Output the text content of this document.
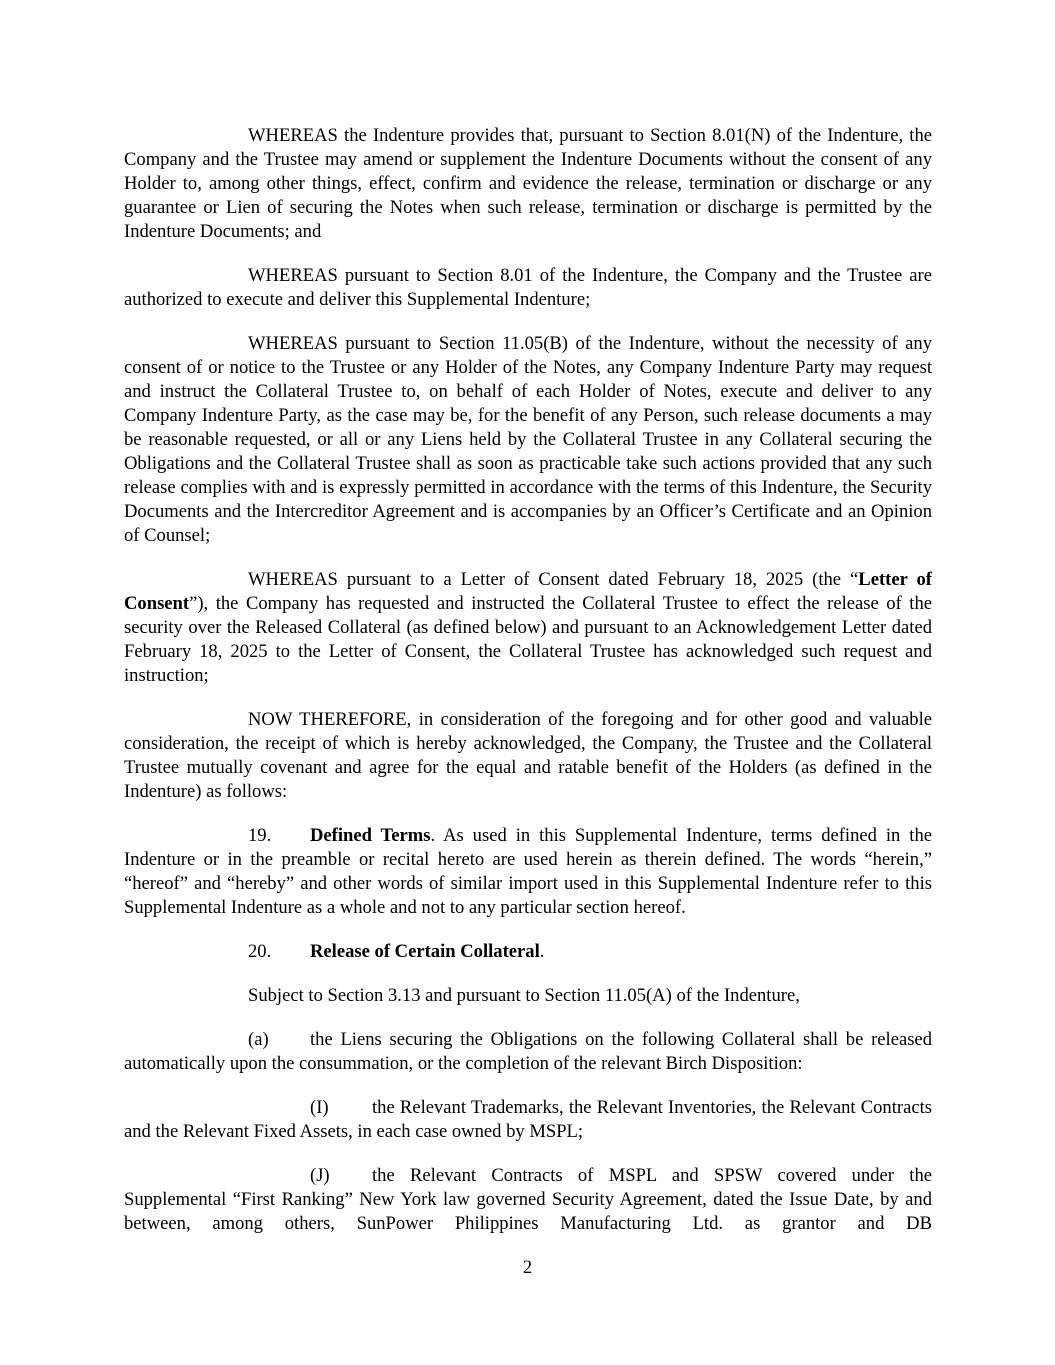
WHEREAS the Indenture provides that, pursuant to Section 8.01(N) of the Indenture, the Company and the Trustee may amend or supplement the Indenture Documents without the consent of any Holder to, among other things, effect, confirm and evidence the release, termination or discharge or any guarantee or Lien of securing the Notes when such release, termination or discharge is permitted by the Indenture Documents; and

WHEREAS pursuant to Section 8.01 of the Indenture, the Company and the Trustee are authorized to execute and deliver this Supplemental Indenture;

WHEREAS pursuant to Section 11.05(B) of the Indenture, without the necessity of any consent of or notice to the Trustee or any Holder of the Notes, any Company Indenture Party may request and instruct the Collateral Trustee to, on behalf of each Holder of Notes, execute and deliver to any Company Indenture Party, as the case may be, for the benefit of any Person, such release documents a may be reasonable requested, or all or any Liens held by the Collateral Trustee in any Collateral securing the Obligations and the Collateral Trustee shall as soon as practicable take such actions provided that any such release complies with and is expressly permitted in accordance with the terms of this Indenture, the Security Documents and the Intercreditor Agreement and is accompanies by an Officer’s Certificate and an Opinion of Counsel;

WHEREAS pursuant to a Letter of Consent dated February 18, 2025 (the “Letter of Consent”), the Company has requested and instructed the Collateral Trustee to effect the release of the security over the Released Collateral (as defined below) and pursuant to an Acknowledgement Letter dated February 18, 2025 to the Letter of Consent, the Collateral Trustee has acknowledged such request and instruction;

NOW THEREFORE, in consideration of the foregoing and for other good and valuable consideration, the receipt of which is hereby acknowledged, the Company, the Trustee and the Collateral Trustee mutually covenant and agree for the equal and ratable benefit of the Holders (as defined in the Indenture) as follows:

19. Defined Terms. As used in this Supplemental Indenture, terms defined in the Indenture or in the preamble or recital hereto are used herein as therein defined. The words “herein,” “hereof” and “hereby” and other words of similar import used in this Supplemental Indenture refer to this Supplemental Indenture as a whole and not to any particular section hereof.

20. Release of Certain Collateral.

Subject to Section 3.13 and pursuant to Section 11.05(A) of the Indenture,

(a) the Liens securing the Obligations on the following Collateral shall be released automatically upon the consummation, or the completion of the relevant Birch Disposition:

(I) the Relevant Trademarks, the Relevant Inventories, the Relevant Contracts and the Relevant Fixed Assets, in each case owned by MSPL;

(J) the Relevant Contracts of MSPL and SPSW covered under the Supplemental “First Ranking” New York law governed Security Agreement, dated the Issue Date, by and between, among others, SunPower Philippines Manufacturing Ltd. as grantor and DB

2
